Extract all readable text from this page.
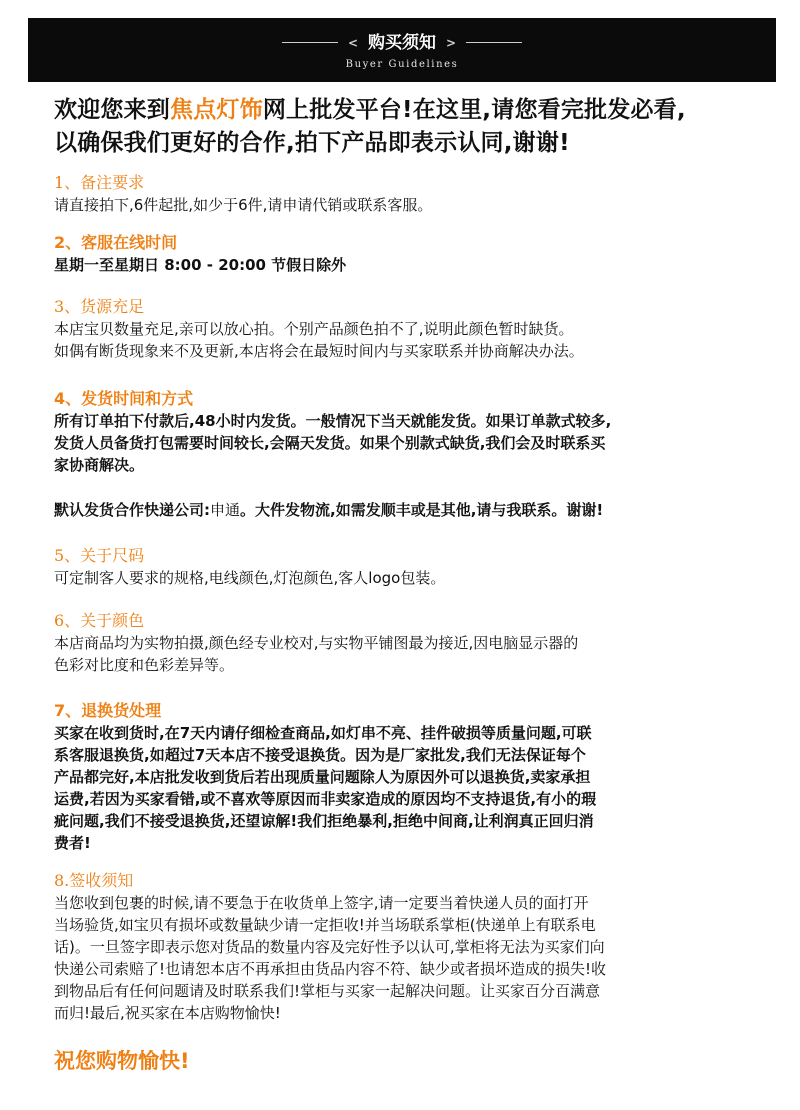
< 购买须知 >
Buyer Guidelines
欢迎您来到焦点灯饰网上批发平台!在这里,请您看完批发必看,
以确保我们更好的合作,拍下产品即表示认同,谢谢!
1、备注要求
请直接拍下,6件起批,如少于6件,请申请代销或联系客服。
2、客服在线时间
星期一至星期日 8:00 - 20:00 节假日除外
3、货源充足
本店宝贝数量充足,亲可以放心拍。个别产品颜色拍不了,说明此颜色暂时缺货。
如偶有断货现象来不及更新,本店将会在最短时间内与买家联系并协商解决办法。
4、发货时间和方式
所有订单拍下付款后,48小时内发货。一般情况下当天就能发货。如果订单款式较多,
发货人员备货打包需要时间较长,会隔天发货。如果个别款式缺货,我们会及时联系买
家协商解决。
默认发货合作快递公司:申通。大件发物流,如需发顺丰或是其他,请与我联系。谢谢!
5、关于尺码
可定制客人要求的规格,电线颜色,灯泡颜色,客人logo包装。
6、关于颜色
本店商品均为实物拍摄,颜色经专业校对,与实物平铺图最为接近,因电脑显示器的
色彩对比度和色彩差异等。
7、退换货处理
买家在收到货时,在7天内请仔细检查商品,如灯串不亮、挂件破损等质量问题,可联
系客服退换货,如超过7天本店不接受退换货。因为是厂家批发,我们无法保证每个
产品都完好,本店批发收到货后若出现质量问题除人为原因外可以退换货,卖家承担
运费,若因为买家看错,或不喜欢等原因而非卖家造成的原因均不支持退货,有小的瑕
疵问题,我们不接受退换货,还望谅解!我们拒绝暴利,拒绝中间商,让利润真正回归消
费者!
8.签收须知
当您收到包裹的时候,请不要急于在收货单上签字,请一定要当着快递人员的面打开
当场验货,如宝贝有损坏或数量缺少请一定拒收!并当场联系掌柜(快递单上有联系电
话)。一旦签字即表示您对货品的数量内容及完好性予以认可,掌柜将无法为买家们向
快递公司索赔了!也请恕本店不再承担由货品内容不符、缺少或者损坏造成的损失!收
到物品后有任何问题请及时联系我们!掌柜与买家一起解决问题。让买家百分百满意
而归!最后,祝买家在本店购物愉快!
祝您购物愉快!
